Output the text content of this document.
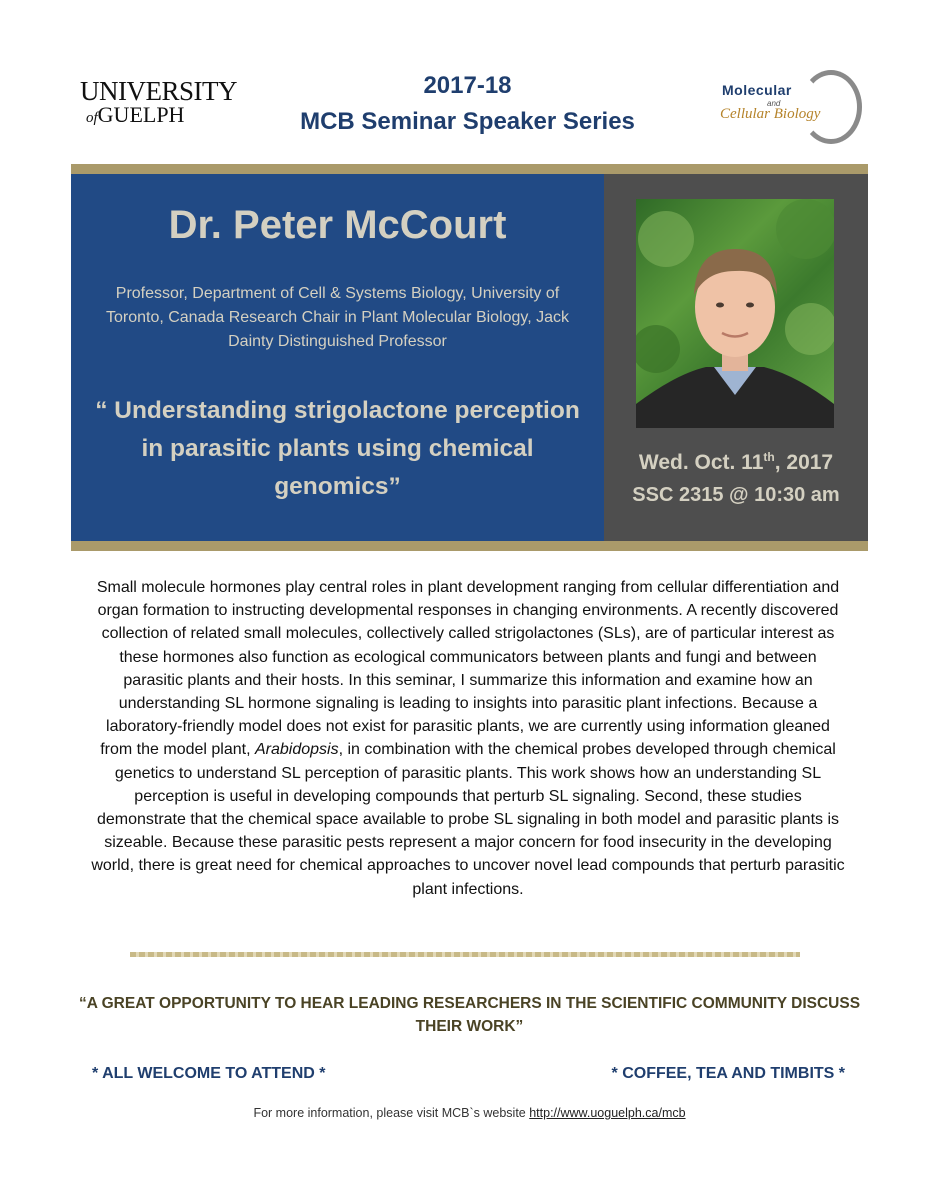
UNIVERSITY
ofGUELPH
2017-18
MCB Seminar Speaker Series
Molecular
and
Cellular Biology
Dr. Peter McCourt
Professor, Department of Cell & Systems Biology, University of Toronto, Canada Research Chair in Plant Molecular Biology, Jack Dainty Distinguished Professor
“ Understanding strigolactone perception in parasitic plants using chemical genomics”
Wed. Oct. 11th, 2017
SSC 2315 @ 10:30 am
Small molecule hormones play central roles in plant development ranging from cellular differentiation and organ formation to instructing developmental responses in changing environments. A recently discovered collection of related small molecules, collectively called strigolactones (SLs), are of particular interest as these hormones also function as ecological communicators between plants and fungi and between parasitic plants and their hosts. In this seminar, I summarize this information and examine how an understanding SL hormone signaling is leading to insights into parasitic plant infections. Because a laboratory-friendly model does not exist for parasitic plants, we are currently using information gleaned from the model plant, Arabidopsis, in combination with the chemical probes developed through chemical genetics to understand SL perception of parasitic plants. This work shows how an understanding SL perception is useful in developing compounds that perturb SL signaling. Second, these studies demonstrate that the chemical space available to probe SL signaling in both model and parasitic plants is sizeable. Because these parasitic pests represent a major concern for food insecurity in the developing world, there is great need for chemical approaches to uncover novel lead compounds that perturb parasitic plant infections.
“A GREAT OPPORTUNITY TO HEAR LEADING RESEARCHERS IN THE SCIENTIFIC COMMUNITY DISCUSS THEIR WORK”
* ALL WELCOME TO ATTEND *	* COFFEE, TEA AND TIMBITS *
For more information, please visit MCB`s website http://www.uoguelph.ca/mcb
